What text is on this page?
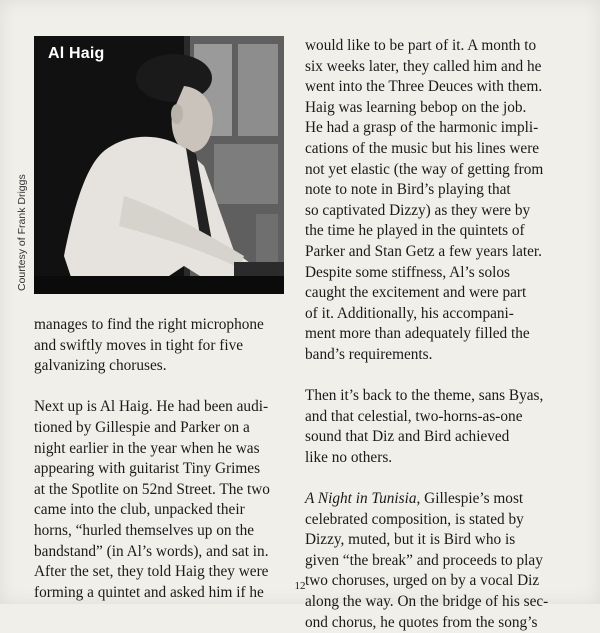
Al Haig
Courtesy of Frank Driggs

manages to find the right microphone
and swiftly moves in tight for five
galvanizing choruses.

Next up is Al Haig. He had been audi-
tioned by Gillespie and Parker on a
night earlier in the year when he was
appearing with guitarist Tiny Grimes
at the Spotlite on 52nd Street. The two
came into the club, unpacked their
horns, “hurled themselves up on the
bandstand” (in Al’s words), and sat in.
After the set, they told Haig they were
forming a quintet and asked him if he

would like to be part of it. A month to
six weeks later, they called him and he
went into the Three Deuces with them.
Haig was learning bebop on the job.
He had a grasp of the harmonic impli-
cations of the music but his lines were
not yet elastic (the way of getting from
note to note in Bird’s playing that
so captivated Dizzy) as they were by
the time he played in the quintets of
Parker and Stan Getz a few years later.
Despite some stiffness, Al’s solos
caught the excitement and were part
of it. Additionally, his accompani-
ment more than adequately filled the
band’s requirements.

Then it’s back to the theme, sans Byas,
and that celestial, two-horns-as-one
sound that Diz and Bird achieved
like no others.

A Night in Tunisia, Gillespie’s most
celebrated composition, is stated by
Dizzy, muted, but it is Bird who is
given “the break” and proceeds to play
two choruses, urged on by a vocal Diz
along the way. On the bridge of his sec-
ond chorus, he quotes from the song’s

12
